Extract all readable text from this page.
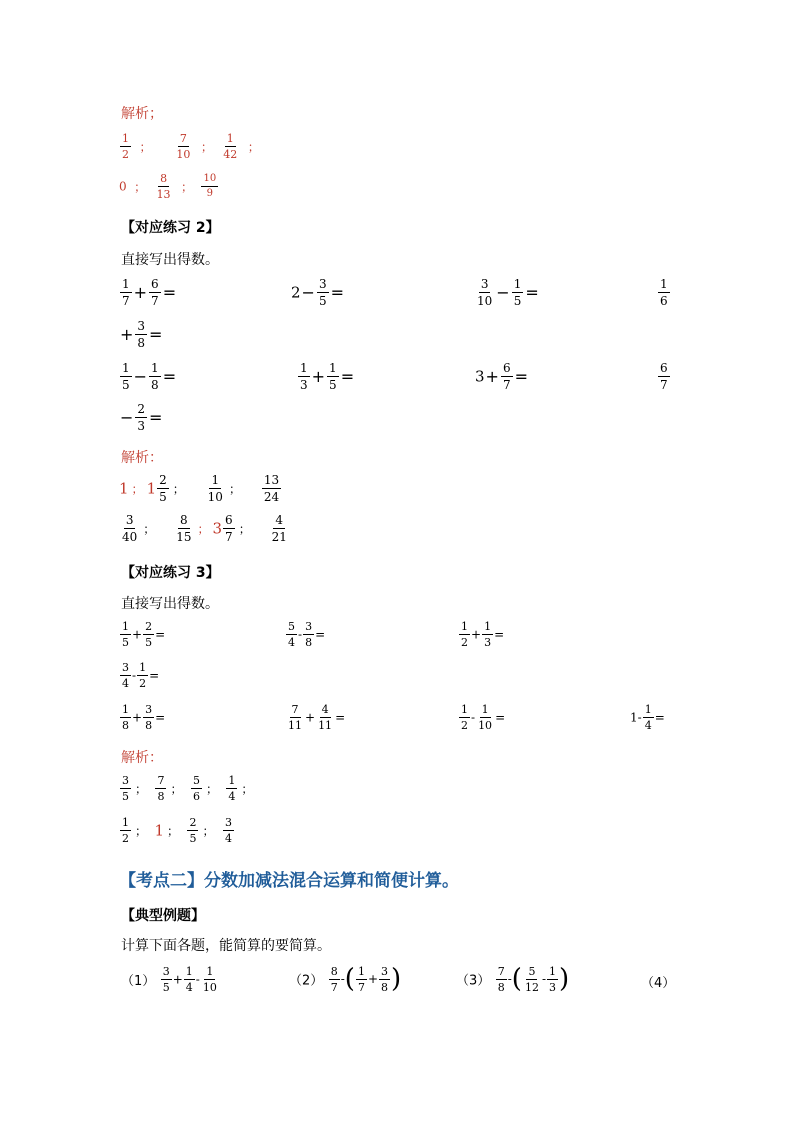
解析；
$\frac{1}{2}$ ； $\frac{7}{10}$ ； $\frac{1}{42}$ ；
0 ； $\frac{8}{13}$ ； $\frac{10}{9}$
【对应练习 2】
直接写出得数。
$\frac{1}{7} + \frac{6}{7}$ =	$2- \frac{3}{5}$ =	$\frac{3}{10} - \frac{1}{5}$ =	$\frac{1}{6}$
+ $\frac{3}{8}$ =
$\frac{1}{5} - \frac{1}{8}$ =	$\frac{1}{3} + \frac{1}{5}$ =	$3+ \frac{6}{7}$ =	$\frac{6}{7}$
− $\frac{2}{3}$ =
解析：
1 ； $1 \frac{2}{5}$ ； $\frac{1}{10}$ ； $\frac{13}{24}$
$\frac{3}{40}$ ； $\frac{8}{15}$ ； $3 \frac{6}{7}$ ； $\frac{4}{21}$
【对应练习 3】
直接写出得数。
$\frac{1}{5} + \frac{2}{5}$ =	$\frac{5}{4} - \frac{3}{8}$ =	$\frac{1}{2} + \frac{1}{3}$ =
$\frac{3}{4} - \frac{1}{2}$ =
$\frac{1}{8} + \frac{3}{8}$ =	$\frac{7}{11} + \frac{4}{11}$ =	$\frac{1}{2} - \frac{1}{10}$ =	$1- \frac{1}{4}$ =
解析：
$\frac{3}{5}$ ； $\frac{7}{8}$ ； $\frac{5}{6}$ ； $\frac{1}{4}$ ；
$\frac{1}{2}$ ； 1 ； $\frac{2}{5}$ ； $\frac{3}{4}$
【考点二】分数加减法混合运算和简便计算。
【典型例题】
计算下面各题，能简算的要简算。
$(1) \frac{3}{5} + \frac{1}{4} - \frac{1}{10}$	$(2) \frac{8}{7}$ -( $\frac{1}{7} + \frac{3}{8}$ )	$(3) \frac{7}{8}$ -( $\frac{5}{12} - \frac{1}{3}$ )	（4）
